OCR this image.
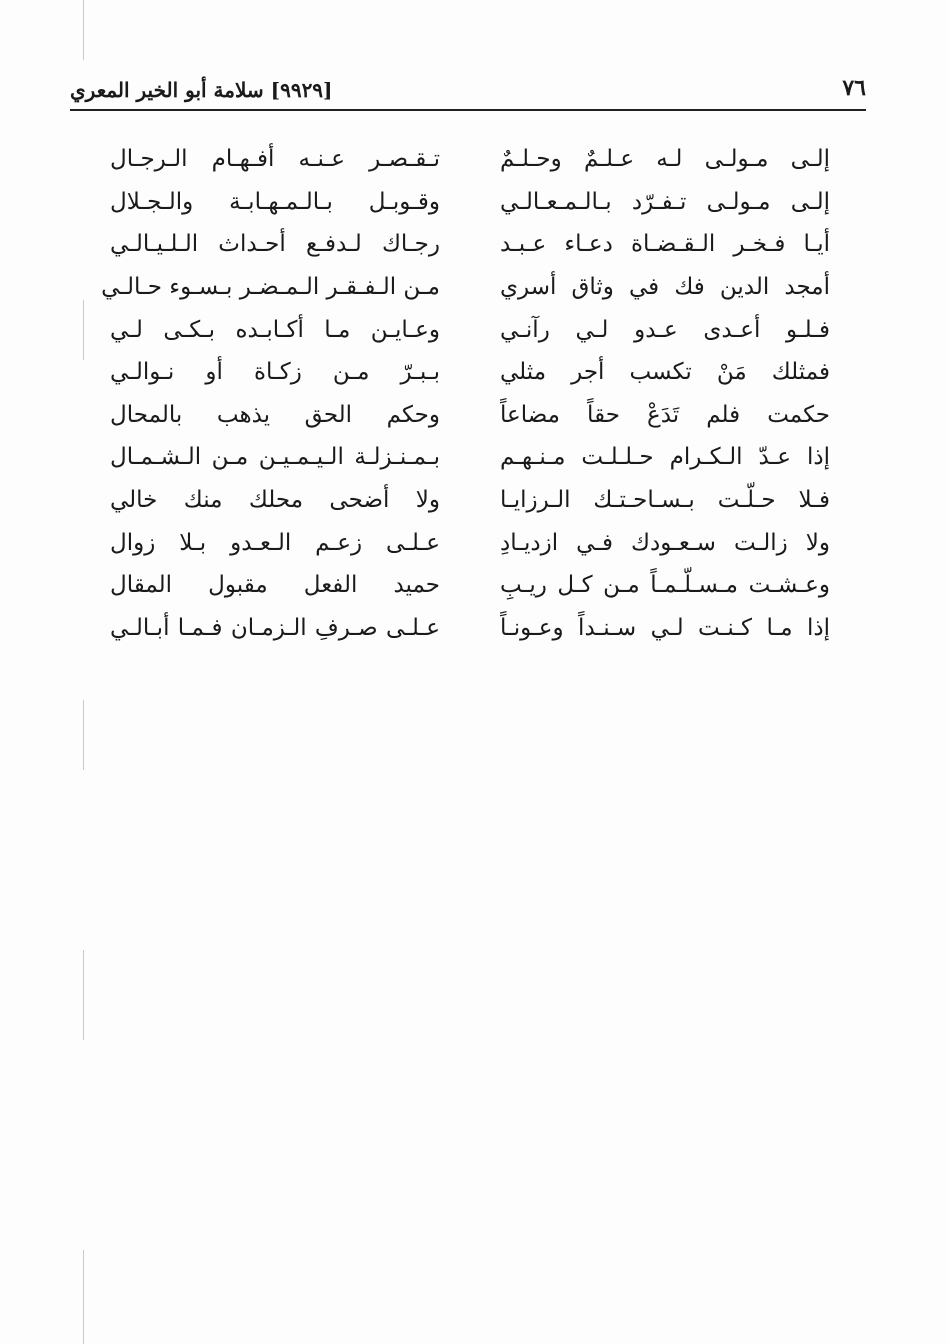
٧٦
[٩٩٢٩] سلامة أبو الخير المعري
إلـى مـولـى لـه عـلـمٌ وحـلـمٌ
تـقـصـر عـنـه أفـهـام الـرجـال
إلـى مـولـى تـفـرّد بـالـمـعـالـي
وقـوبـل بـالـمـهـابـة والـجـلال
أيـا فـخـر الـقـضـاة دعـاء عـبـد
رجـاك لـدفـع أحـداث الـلـيـالـي
أمجد الدين فك في وثاق أسري
مـن الـفـقـر الـمـضـر بـسـوء حـالـي
فـلـو أعـدى عـدو لـي رآنـي
وعـايـن مـا أكـابـده بـكـى لـي
فمثلك مَنْ تكسب أجر مثلي
بـبـرّ مـن زكـاة أو نـوالـي
حكمت فلم تَدَعْ حقاً مضاعاً
وحكم الحق يذهب بالمحال
إذا عـدّ الـكـرام حـلـلـت مـنـهـم
بـمـنـزلـة الـيـمـيـن مـن الـشـمـال
فـلا حـلّـت بـسـاحـتـك الـرزايـا
ولا أضحى محلك منك خالي
ولا زالـت سـعـودك فـي ازديـادِ
عـلـى زعـم الـعـدو بـلا زوال
وعـشـت مـسـلّـمـاً مـن كـل ريـبِ
حميد الفعل مقبول المقال
إذا مـا كـنـت لـي سـنـداً وعـونـاً
عـلـى صـرفِ الـزمـان فـمـا أبـالـي
